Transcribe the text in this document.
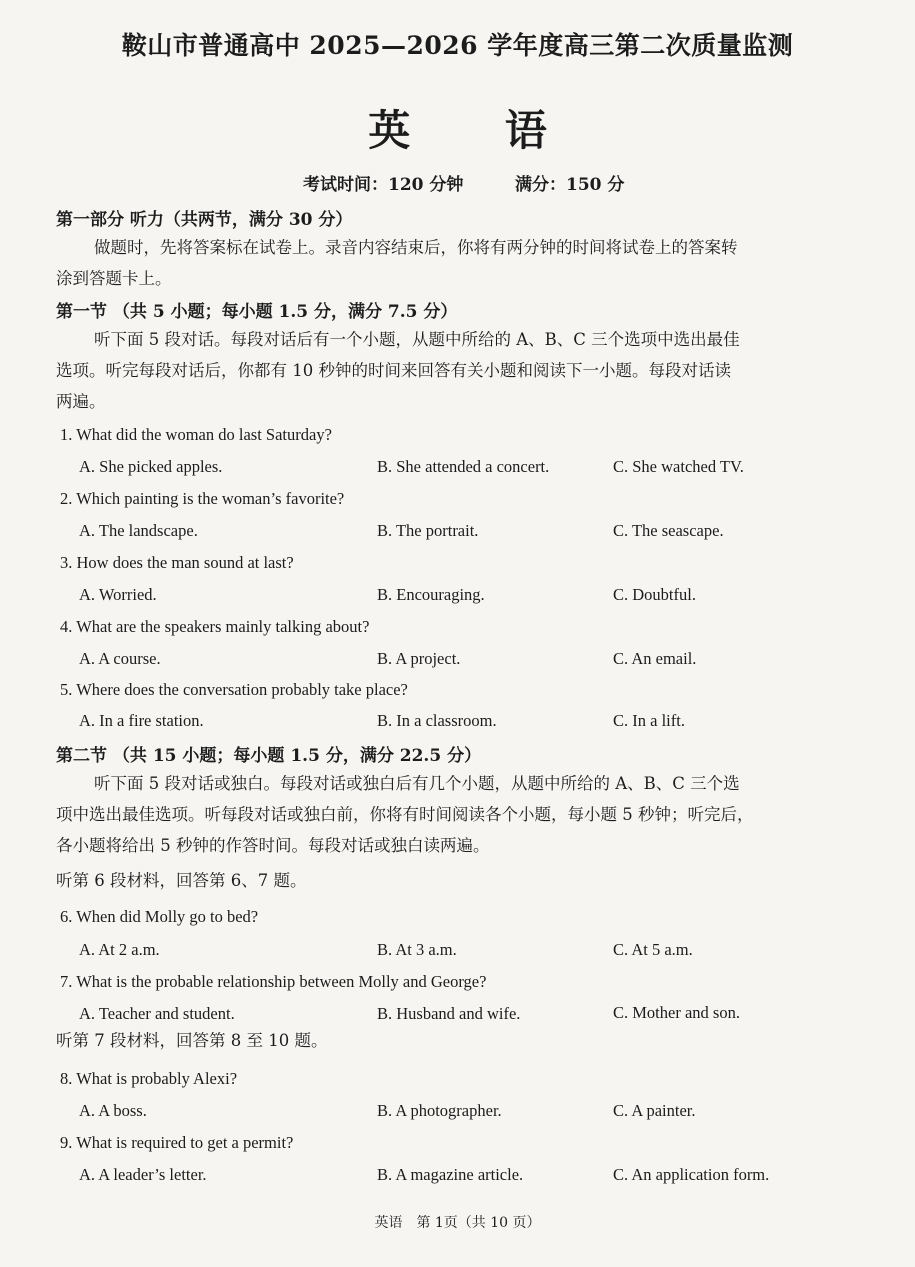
鞍山市普通高中 2025—2026 学年度高三第二次质量监测
英 语
考试时间：120 分钟	满分：150 分
第一部分 听力（共两节，满分 30 分）
做题时，先将答案标在试卷上。录音内容结束后，你将有两分钟的时间将试卷上的答案转
涂到答题卡上。
第一节 （共 5 小题；每小题 1.5 分，满分 7.5 分）
听下面 5 段对话。每段对话后有一个小题，从题中所给的 A、B、C 三个选项中选出最佳
选项。听完每段对话后，你都有 10 秒钟的时间来回答有关小题和阅读下一小题。每段对话读
两遍。
1. What did the woman do last Saturday?
A. She picked apples.	B. She attended a concert.	C. She watched TV.
2. Which painting is the woman’s favorite?
A. The landscape.	B. The portrait.	C. The seascape.
3. How does the man sound at last?
A. Worried.	B. Encouraging.	C. Doubtful.
4. What are the speakers mainly talking about?
A. A course.	B. A project.	C. An email.
5. Where does the conversation probably take place?
A. In a fire station.	B. In a classroom.	C. In a lift.
第二节 （共 15 小题；每小题 1.5 分，满分 22.5 分）
听下面 5 段对话或独白。每段对话或独白后有几个小题，从题中所给的 A、B、C 三个选
项中选出最佳选项。听每段对话或独白前，你将有时间阅读各个小题，每小题 5 秒钟；听完后，
各小题将给出 5 秒钟的作答时间。每段对话或独白读两遍。
听第 6 段材料，回答第 6、7 题。
6. When did Molly go to bed?
A. At 2 a.m.	B. At 3 a.m.	C. At 5 a.m.
7. What is the probable relationship between Molly and George?
A. Teacher and student.	B. Husband and wife.	C. Mother and son.
听第 7 段材料，回答第 8 至 10 题。
8. What is probably Alexi?
A. A boss.	B. A photographer.	C. A painter.
9. What is required to get a permit?
A. A leader’s letter.	B. A magazine article.	C. An application form.
英语　第 1页（共 10 页）
